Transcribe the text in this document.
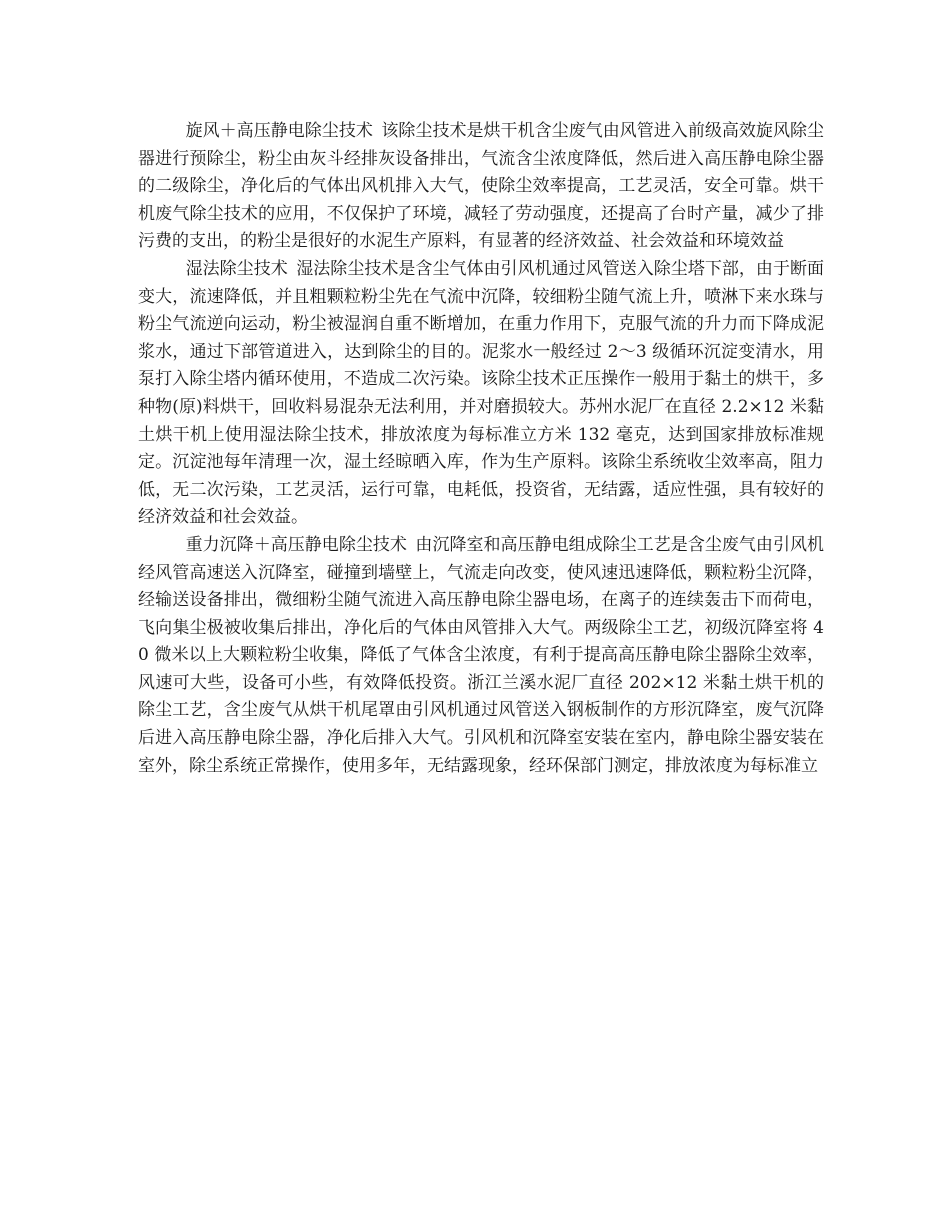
旋风＋高压静电除尘技术 该除尘技术是烘干机含尘废气由风管进入前级高效旋风除尘器进行预除尘，粉尘由灰斗经排灰设备排出，气流含尘浓度降低，然后进入高压静电除尘器的二级除尘，净化后的气体出风机排入大气，使除尘效率提高，工艺灵活，安全可靠。烘干机废气除尘技术的应用，不仅保护了环境，减轻了劳动强度，还提高了台时产量，减少了排污费的支出，的粉尘是很好的水泥生产原料，有显著的经济效益、社会效益和环境效益

湿法除尘技术 湿法除尘技术是含尘气体由引风机通过风管送入除尘塔下部，由于断面变大，流速降低，并且粗颗粒粉尘先在气流中沉降，较细粉尘随气流上升，喷淋下来水珠与粉尘气流逆向运动，粉尘被湿润自重不断增加，在重力作用下，克服气流的升力而下降成泥浆水，通过下部管道进入，达到除尘的目的。泥浆水一般经过 2～3 级循环沉淀变清水，用泵打入除尘塔内循环使用，不造成二次污染。该除尘技术正压操作一般用于黏土的烘干，多种物(原)料烘干，回收料易混杂无法利用，并对磨损较大。苏州水泥厂在直径 2.2×12 米黏土烘干机上使用湿法除尘技术，排放浓度为每标准立方米 132 毫克，达到国家排放标准规定。沉淀池每年清理一次，湿土经晾晒入库，作为生产原料。该除尘系统收尘效率高，阻力低，无二次污染，工艺灵活，运行可靠，电耗低，投资省，无结露，适应性强，具有较好的经济效益和社会效益。

重力沉降＋高压静电除尘技术 由沉降室和高压静电组成除尘工艺是含尘废气由引风机经风管高速送入沉降室，碰撞到墙壁上，气流走向改变，使风速迅速降低，颗粒粉尘沉降，经输送设备排出，微细粉尘随气流进入高压静电除尘器电场，在离子的连续轰击下而荷电，飞向集尘极被收集后排出，净化后的气体由风管排入大气。两级除尘工艺，初级沉降室将 40 微米以上大颗粒粉尘收集，降低了气体含尘浓度，有利于提高高压静电除尘器除尘效率，风速可大些，设备可小些，有效降低投资。浙江兰溪水泥厂直径 202×12 米黏土烘干机的除尘工艺，含尘废气从烘干机尾罩由引风机通过风管送入钢板制作的方形沉降室，废气沉降后进入高压静电除尘器，净化后排入大气。引风机和沉降室安装在室内，静电除尘器安装在室外，除尘系统正常操作，使用多年，无结露现象，经环保部门测定，排放浓度为每标准立
